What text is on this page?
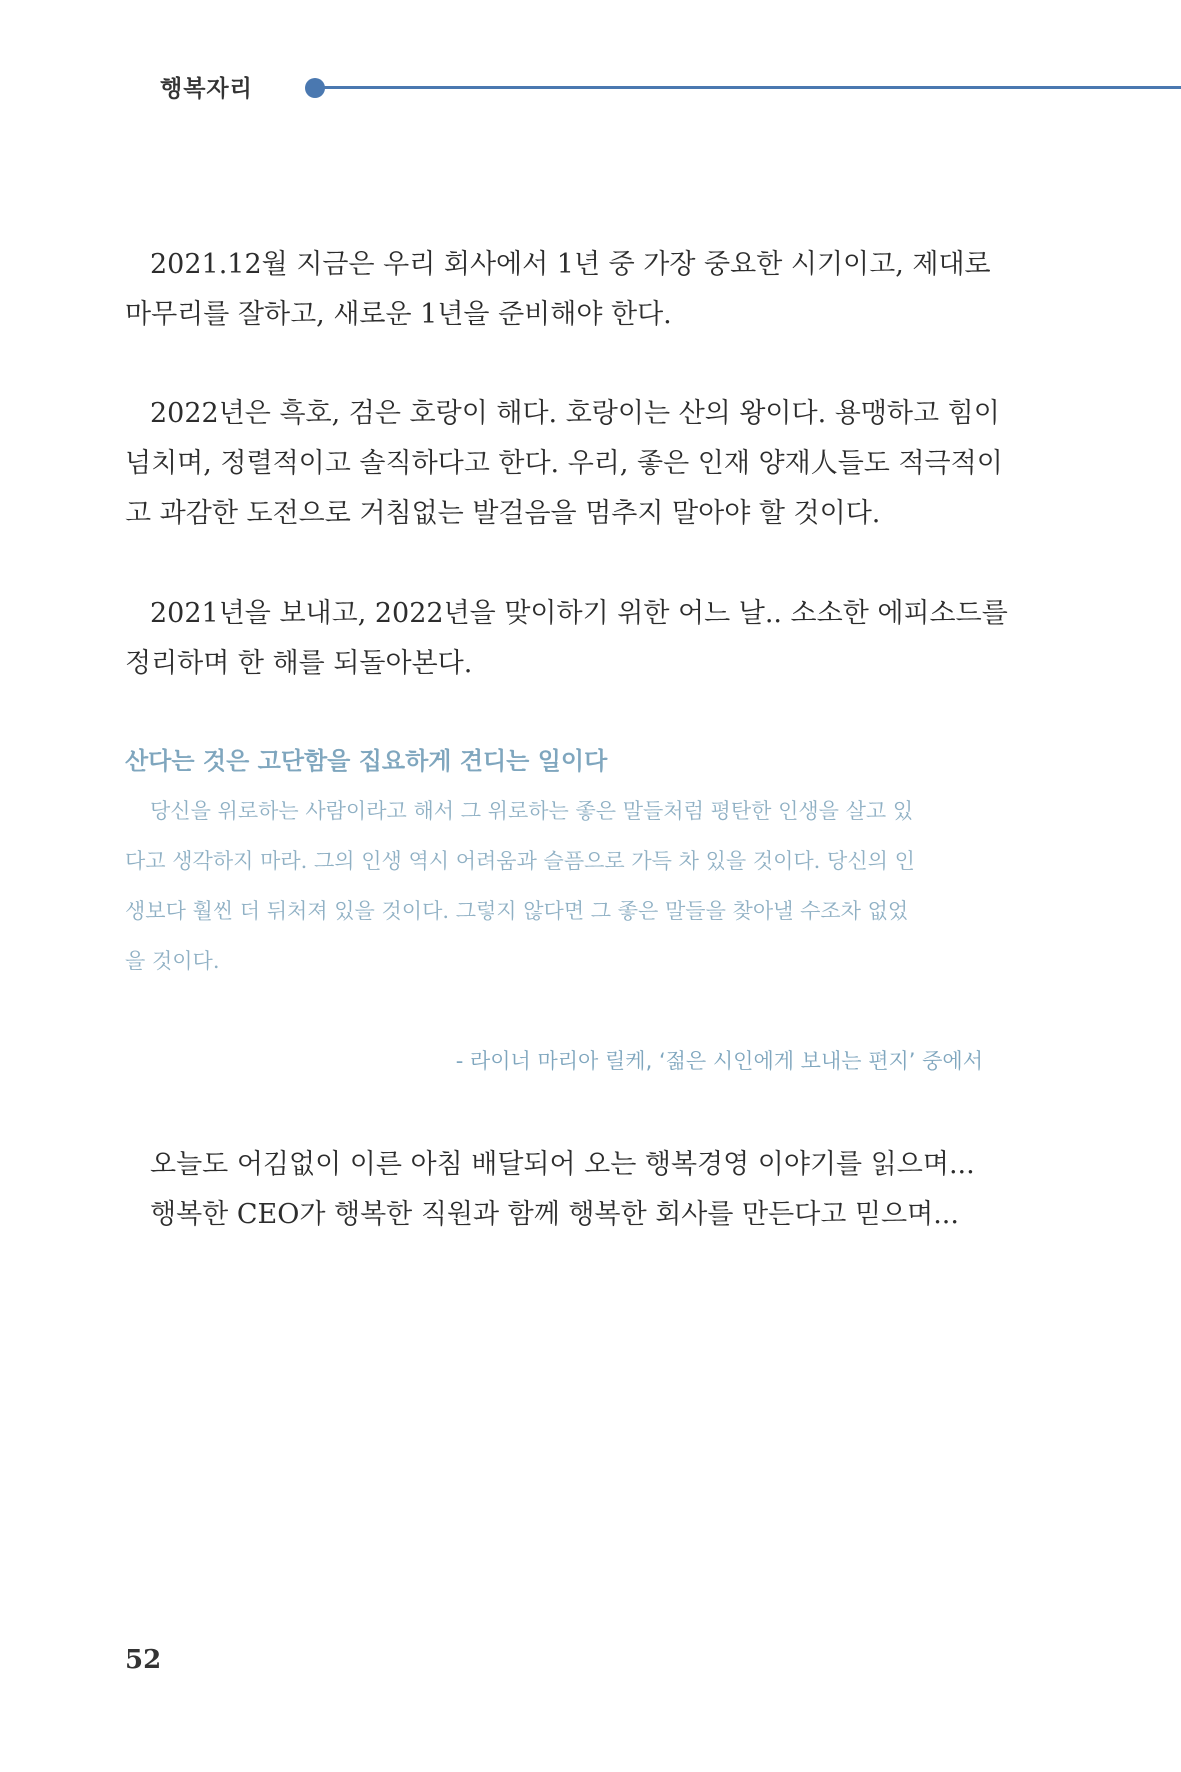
행복자리
2021.12월 지금은 우리 회사에서 1년 중 가장 중요한 시기이고, 제대로
마무리를 잘하고, 새로운 1년을 준비해야 한다.
2022년은 흑호, 검은 호랑이 해다. 호랑이는 산의 왕이다. 용맹하고 힘이
넘치며, 정렬적이고 솔직하다고 한다. 우리, 좋은 인재 양재人들도 적극적이
고 과감한 도전으로 거침없는 발걸음을 멈추지 말아야 할 것이다.
2021년을 보내고, 2022년을 맞이하기 위한 어느 날.. 소소한 에피소드를
정리하며 한 해를 되돌아본다.
산다는 것은 고단함을 집요하게 견디는 일이다
당신을 위로하는 사람이라고 해서 그 위로하는 좋은 말들처럼 평탄한 인생을 살고 있
다고 생각하지 마라. 그의 인생 역시 어려움과 슬픔으로 가득 차 있을 것이다. 당신의 인
생보다 훨씬 더 뒤처져 있을 것이다. 그렇지 않다면 그 좋은 말들을 찾아낼 수조차 없었
을 것이다.
- 라이너 마리아 릴케, ‘젊은 시인에게 보내는 편지’ 중에서
오늘도 어김없이 이른 아침 배달되어 오는 행복경영 이야기를 읽으며...
행복한 CEO가 행복한 직원과 함께 행복한 회사를 만든다고 믿으며...
52
